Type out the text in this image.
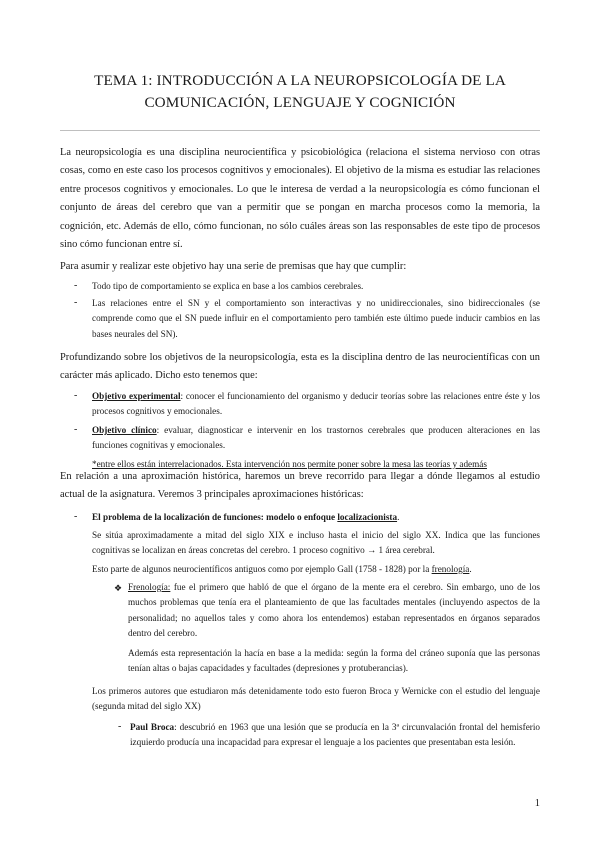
TEMA 1: INTRODUCCIÓN A LA NEUROPSICOLOGÍA DE LA
COMUNICACIÓN, LENGUAJE Y COGNICIÓN
La neuropsicología es una disciplina neurocientífica y psicobiológica (relaciona el sistema nervioso con otras cosas, como en este caso los procesos cognitivos y emocionales). El objetivo de la misma es estudiar las relaciones entre procesos cognitivos y emocionales. Lo que le interesa de verdad a la neuropsicología es cómo funcionan el conjunto de áreas del cerebro que van a permitir que se pongan en marcha procesos como la memoria, la cognición, etc. Además de ello, cómo funcionan, no sólo cuáles áreas son las responsables de este tipo de procesos sino cómo funcionan entre sí.
Para asumir y realizar este objetivo hay una serie de premisas que hay que cumplir:
- Todo tipo de comportamiento se explica en base a los cambios cerebrales.
- Las relaciones entre el SN y el comportamiento son interactivas y no unidireccionales, sino bidireccionales (se comprende como que el SN puede influir en el comportamiento pero también este último puede inducir cambios en las bases neurales del SN).
Profundizando sobre los objetivos de la neuropsicología, esta es la disciplina dentro de las neurocientíficas con un carácter más aplicado. Dicho esto tenemos que:
- Objetivo experimental: conocer el funcionamiento del organismo y deducir teorías sobre las relaciones entre éste y los procesos cognitivos y emocionales.
- Objetivo clínico: evaluar, diagnosticar e intervenir en los trastornos cerebrales que producen alteraciones en las funciones cognitivas y emocionales.
*entre ellos están interrelacionados. Esta intervención nos permite poner sobre la mesa las teorías y además
En relación a una aproximación histórica, haremos un breve recorrido para llegar a dónde llegamos al estudio actual de la asignatura. Veremos 3 principales aproximaciones históricas:
- El problema de la localización de funciones: modelo o enfoque localizacionista.
Se sitúa aproximadamente a mitad del siglo XIX e incluso hasta el inicio del siglo XX. Indica que las funciones cognitivas se localizan en áreas concretas del cerebro. 1 proceso cognitivo → 1 área cerebral.
Esto parte de algunos neurocientíficos antiguos como por ejemplo Gall (1758 - 1828) por la frenología.
❖ Frenología: fue el primero que habló de que el órgano de la mente era el cerebro. Sin embargo, uno de los muchos problemas que tenía era el planteamiento de que las facultades mentales (incluyendo aspectos de la personalidad; no aquellos tales y como ahora los entendemos) estaban representados en órganos separados dentro del cerebro.
Además esta representación la hacía en base a la medida: según la forma del cráneo suponía que las personas tenían altas o bajas capacidades y facultades (depresiones y protuberancias).
Los primeros autores que estudiaron más detenidamente todo esto fueron Broca y Wernicke con el estudio del lenguaje (segunda mitad del siglo XX)
- Paul Broca: descubrió en 1963 que una lesión que se producía en la 3ª circunvalación frontal del hemisferio izquierdo producía una incapacidad para expresar el lenguaje a los pacientes que presentaban esta lesión.
1
